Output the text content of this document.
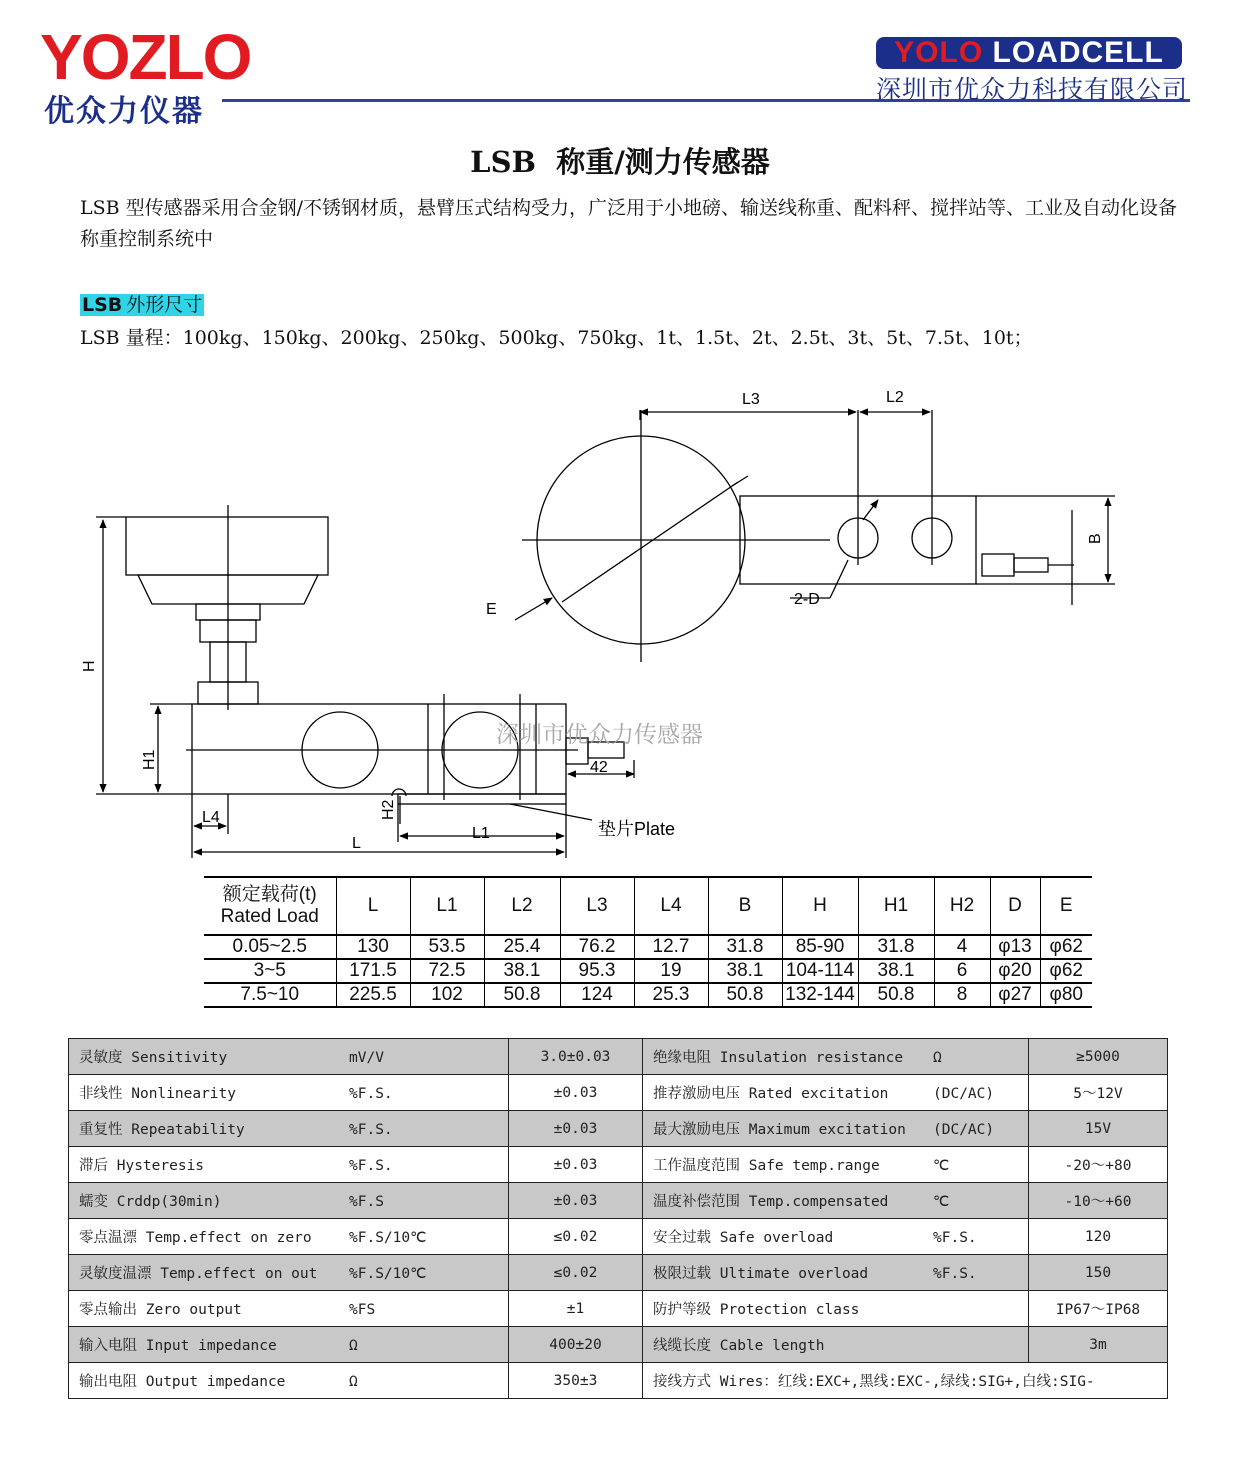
YOZLO
优众力仪器
YOLO LOADCELL
深圳市优众力科技有限公司
LSB  称重/测力传感器
LSB 型传感器采用合金钢/不锈钢材质，悬臂压式结构受力，广泛用于小地磅、输送线称重、配料秤、搅拌站等、工业及自动化设备称重控制系统中
LSB 外形尺寸
LSB 量程：100kg、150kg、200kg、250kg、500kg、750kg、1t、1.5t、2t、2.5t、3t、5t、7.5t、10t；
L3	L2
B
E
2-D
H
H1
H2
L4
L1
L
42
垫片Plate
深圳市优众力传感器
额定载荷(t)
Rated Load	L	L1	L2	L3	L4	B	H	H1	H2	D	E
0.05~2.5	130	53.5	25.4	76.2	12.7	31.8	85-90	31.8	4	φ13	φ62
3~5	171.5	72.5	38.1	95.3	19	38.1	104-114	38.1	6	φ20	φ62
7.5~10	225.5	102	50.8	124	25.3	50.8	132-144	50.8	8	φ27	φ80
灵敏度 Sensitivity mV/V	3.0±0.03	绝缘电阻 Insulation resistance Ω	≥5000
非线性 Nonlinearity %F.S.	±0.03	推荐激励电压 Rated excitation (DC/AC)	5～12V
重复性 Repeatability %F.S.	±0.03	最大激励电压 Maximum excitation (DC/AC)	15V
滞后 Hysteresis %F.S.	±0.03	工作温度范围 Safe temp.range ℃	-20～+80
蠕变 Crddp(30min) %F.S	±0.03	温度补偿范围 Temp.compensated ℃	-10～+60
零点温漂 Temp.effect on zero %F.S/10℃	≤0.02	安全过载 Safe overload %F.S.	120
灵敏度温漂 Temp.effect on out %F.S/10℃	≤0.02	极限过载 Ultimate overload %F.S.	150
零点输出 Zero output %FS	±1	防护等级 Protection class	IP67～IP68
输入电阻 Input impedance Ω	400±20	线缆长度 Cable length	3m
输出电阻 Output impedance Ω	350±3	接线方式 Wires：红线:EXC+,黑线:EXC-,绿线:SIG+,白线:SIG-	
